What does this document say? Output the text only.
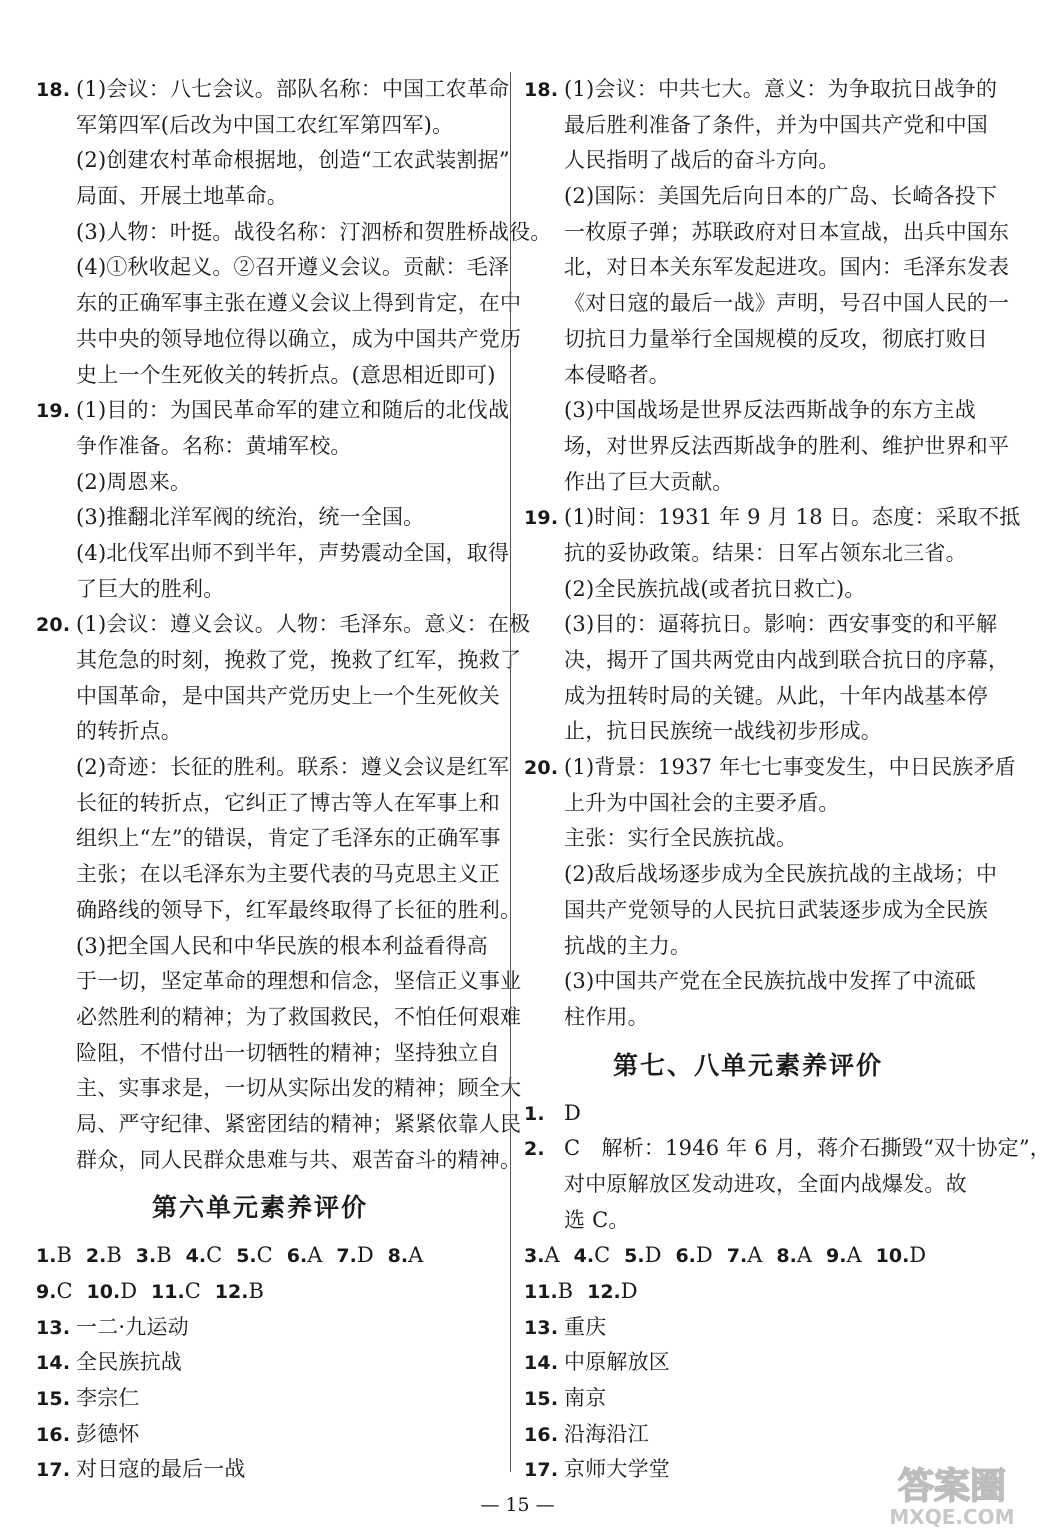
18. (1)会议：八七会议。部队名称：中国工农革命
军第四军(后改为中国工农红军第四军)。
(2)创建农村革命根据地，创造“工农武装割据”
局面、开展土地革命。
(3)人物：叶挺。战役名称：汀泗桥和贺胜桥战役。
(4)①秋收起义。②召开遵义会议。贡献：毛泽
东的正确军事主张在遵义会议上得到肯定，在中
共中央的领导地位得以确立，成为中国共产党历
史上一个生死攸关的转折点。(意思相近即可)
19. (1)目的：为国民革命军的建立和随后的北伐战
争作准备。名称：黄埔军校。
(2)周恩来。
(3)推翻北洋军阀的统治，统一全国。
(4)北伐军出师不到半年，声势震动全国，取得
了巨大的胜利。
20. (1)会议：遵义会议。人物：毛泽东。意义：在极
其危急的时刻，挽救了党，挽救了红军，挽救了
中国革命，是中国共产党历史上一个生死攸关
的转折点。
(2)奇迹：长征的胜利。联系：遵义会议是红军
长征的转折点，它纠正了博古等人在军事上和
组织上“左”的错误，肯定了毛泽东的正确军事
主张；在以毛泽东为主要代表的马克思主义正
确路线的领导下，红军最终取得了长征的胜利。
(3)把全国人民和中华民族的根本利益看得高
于一切，坚定革命的理想和信念，坚信正义事业
必然胜利的精神；为了救国救民，不怕任何艰难
险阻，不惜付出一切牺牲的精神；坚持独立自
主、实事求是，一切从实际出发的精神；顾全大
局、严守纪律、紧密团结的精神；紧紧依靠人民
群众，同人民群众患难与共、艰苦奋斗的精神。
第六单元素养评价
1.B 2.B 3.B 4.C 5.C 6.A 7.D 8.A
9.C 10.D 11.C 12.B
13. 一二·九运动
14. 全民族抗战
15. 李宗仁
16. 彭德怀
17. 对日寇的最后一战
18. (1)会议：中共七大。意义：为争取抗日战争的
最后胜利准备了条件，并为中国共产党和中国
人民指明了战后的奋斗方向。
(2)国际：美国先后向日本的广岛、长崎各投下
一枚原子弹；苏联政府对日本宣战，出兵中国东
北，对日本关东军发起进攻。国内：毛泽东发表
《对日寇的最后一战》声明，号召中国人民的一
切抗日力量举行全国规模的反攻，彻底打败日
本侵略者。
(3)中国战场是世界反法西斯战争的东方主战
场，对世界反法西斯战争的胜利、维护世界和平
作出了巨大贡献。
19. (1)时间：1931 年 9 月 18 日。态度：采取不抵
抗的妥协政策。结果：日军占领东北三省。
(2)全民族抗战(或者抗日救亡)。
(3)目的：逼蒋抗日。影响：西安事变的和平解
决，揭开了国共两党由内战到联合抗日的序幕，
成为扭转时局的关键。从此，十年内战基本停
止，抗日民族统一战线初步形成。
20. (1)背景：1937 年七七事变发生，中日民族矛盾
上升为中国社会的主要矛盾。
主张：实行全民族抗战。
(2)敌后战场逐步成为全民族抗战的主战场；中
国共产党领导的人民抗日武装逐步成为全民族
抗战的主力。
(3)中国共产党在全民族抗战中发挥了中流砥
柱作用。
第七、八单元素养评价
1. D
2. C　解析：1946 年 6 月，蒋介石撕毁“双十协定”，
对中原解放区发动进攻，全面内战爆发。故
选 C。
3.A 4.C 5.D 6.D 7.A 8.A 9.A 10.D
11.B 12.D
13. 重庆
14. 中原解放区
15. 南京
16. 沿海沿江
17. 京师大学堂
— 15 —	答案圈
MXQE.COM
